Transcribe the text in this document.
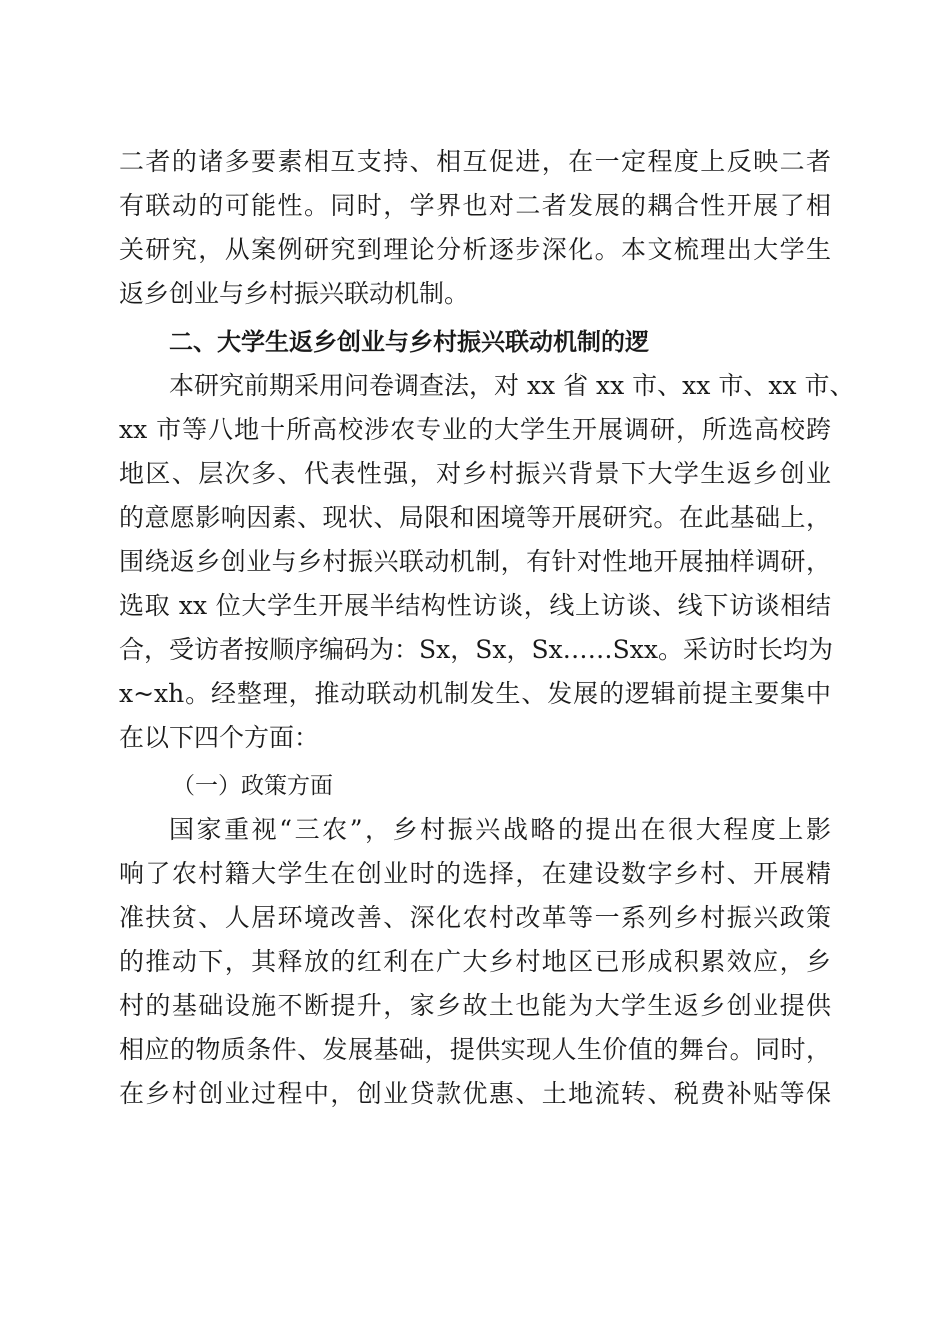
二者的诸多要素相互支持、相互促进，在一定程度上反映二者
有联动的可能性。同时，学界也对二者发展的耦合性开展了相
关研究，从案例研究到理论分析逐步深化。本文梳理出大学生
返乡创业与乡村振兴联动机制。
二、大学生返乡创业与乡村振兴联动机制的逻
本研究前期采用问卷调查法，对 xx 省 xx 市、xx 市、xx 市、
xx 市等八地十所高校涉农专业的大学生开展调研，所选高校跨
地区、层次多、代表性强，对乡村振兴背景下大学生返乡创业
的意愿影响因素、现状、局限和困境等开展研究。在此基础上，
围绕返乡创业与乡村振兴联动机制，有针对性地开展抽样调研，
选取 xx 位大学生开展半结构性访谈，线上访谈、线下访谈相结
合，受访者按顺序编码为：Sx，Sx，Sx……Sxx。采访时长均为
x~xh。经整理，推动联动机制发生、发展的逻辑前提主要集中
在以下四个方面：
（一）政策方面
国家重视“三农”，乡村振兴战略的提出在很大程度上影
响了农村籍大学生在创业时的选择，在建设数字乡村、开展精
准扶贫、人居环境改善、深化农村改革等一系列乡村振兴政策
的推动下，其释放的红利在广大乡村地区已形成积累效应，乡
村的基础设施不断提升，家乡故土也能为大学生返乡创业提供
相应的物质条件、发展基础，提供实现人生价值的舞台。同时，
在乡村创业过程中，创业贷款优惠、土地流转、税费补贴等保
